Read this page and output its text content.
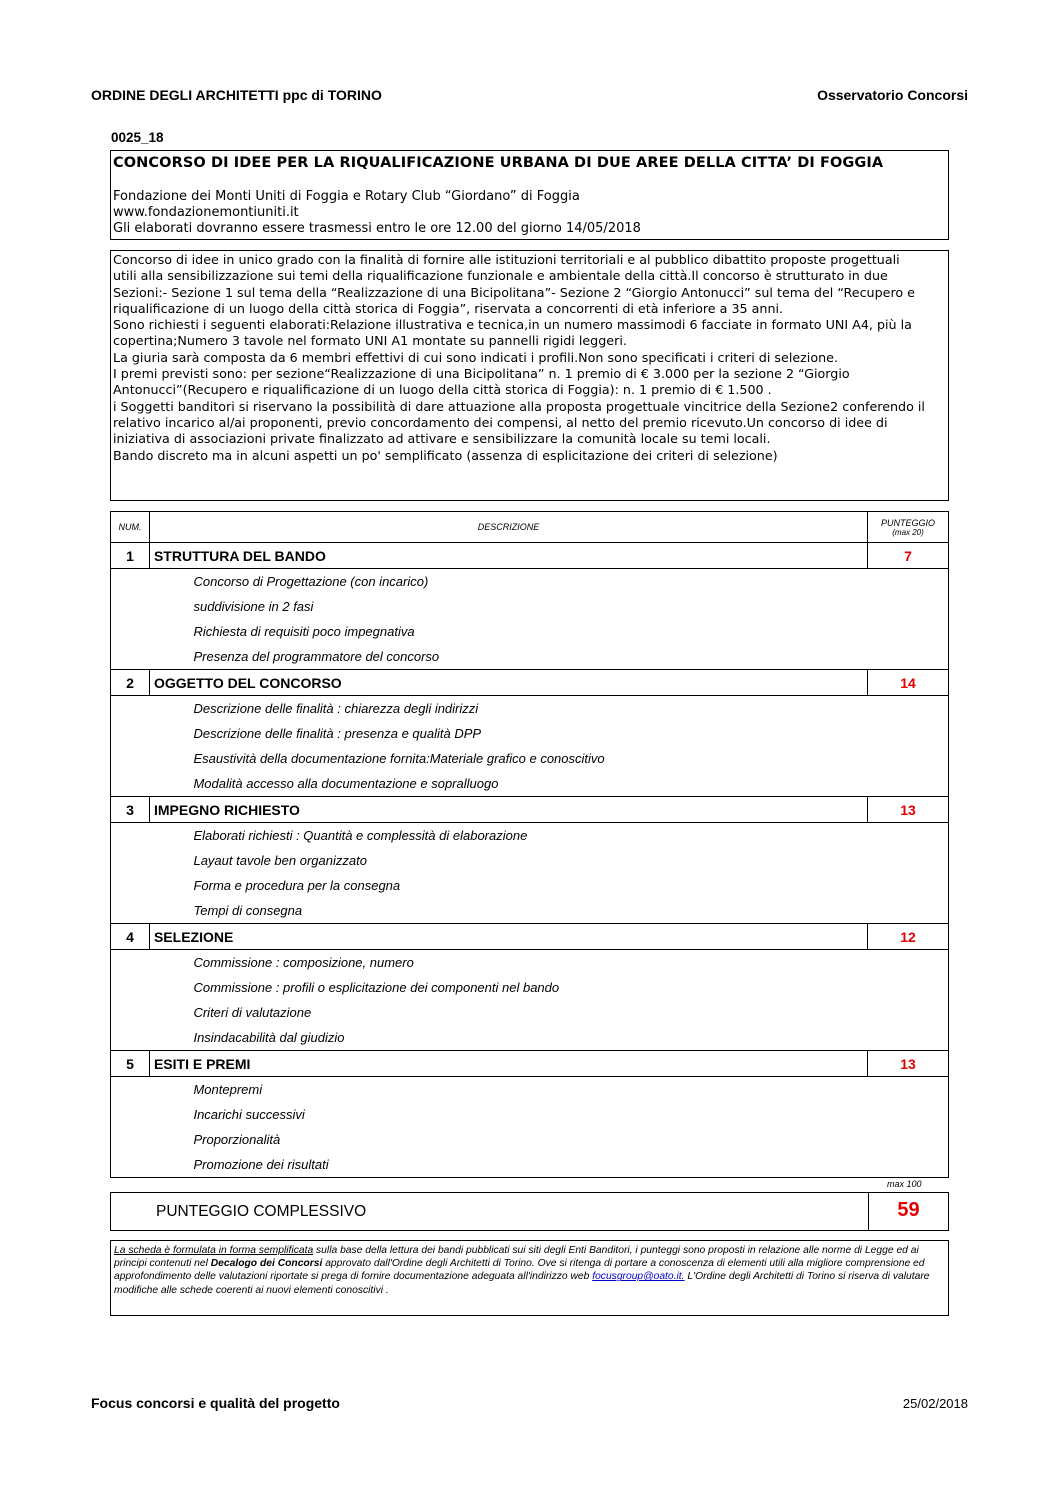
ORDINE DEGLI ARCHITETTI ppc di TORINO	Osservatorio Concorsi
0025_18
CONCORSO DI IDEE PER LA RIQUALIFICAZIONE URBANA DI DUE AREE DELLA CITTA’ DI FOGGIA
Fondazione dei Monti Uniti di Foggia e Rotary Club “Giordano” di Foggia
www.fondazionemontiuniti.it
Gli elaborati dovranno essere trasmessi entro le ore 12.00 del giorno 14/05/2018
Concorso di idee in unico grado con la finalità di fornire alle istituzioni territoriali e al pubblico dibattito proposte progettuali
utili alla sensibilizzazione sui temi della riqualificazione funzionale e ambientale della città.Il concorso è strutturato in due
Sezioni:- Sezione 1 sul tema della “Realizzazione di una Bicipolitana”- Sezione 2 “Giorgio Antonucci” sul tema del “Recupero e
riqualificazione di un luogo della città storica di Foggia”, riservata a concorrenti di età inferiore a 35 anni.
Sono richiesti i seguenti elaborati:Relazione illustrativa e tecnica,in un numero massimodi 6 facciate in formato UNI A4, più la
copertina;Numero 3 tavole nel formato UNI A1 montate su pannelli rigidi leggeri.
La giuria sarà composta da 6 membri effettivi di cui sono indicati i profili.Non sono specificati i criteri di selezione.
I premi previsti sono: per sezione“Realizzazione di una Bicipolitana” n. 1 premio di € 3.000 per la sezione 2 “Giorgio
Antonucci”(Recupero e riqualificazione di un luogo della città storica di Foggia): n. 1 premio di € 1.500 .
i Soggetti banditori si riservano la possibilità di dare attuazione alla proposta progettuale vincitrice della Sezione2 conferendo il
relativo incarico al/ai proponenti, previo concordamento dei compensi, al netto del premio ricevuto.Un concorso di idee di
iniziativa di associazioni private finalizzato ad attivare e sensibilizzare la comunità locale su temi locali.
Bando discreto ma in alcuni aspetti un po' semplificato (assenza di esplicitazione dei criteri di selezione)
NUM.	DESCRIZIONE	PUNTEGGIO
(max 20)

1	STRUTTURA DEL BANDO	7
	Concorso di Progettazione (con incarico)	
	suddivisione in 2 fasi	
	Richiesta di requisiti poco impegnativa	
	Presenza del programmatore del concorso	
2	OGGETTO DEL CONCORSO	14
	Descrizione delle finalità : chiarezza degli indirizzi	
	Descrizione delle finalità : presenza e qualità DPP	
	Esaustività della documentazione fornita:Materiale grafico e conoscitivo	
	Modalità accesso alla documentazione e sopralluogo	
3	IMPEGNO RICHIESTO	13
	Elaborati richiesti : Quantità e complessità di elaborazione	
	Layaut tavole ben organizzato	
	Forma e procedura per la consegna	
	Tempi di consegna	
4	SELEZIONE	12
	Commissione : composizione, numero	
	Commissione : profili o esplicitazione dei componenti nel bando	
	Criteri di valutazione	
	Insindacabilità dal giudizio	
5	ESITI E PREMI	13
	Montepremi	
	Incarichi successivi	
	Proporzionalità	
	Promozione dei risultati	
max 100
PUNTEGGIO COMPLESSIVO	59
La scheda è formulata in forma semplificata sulla base della lettura dei bandi pubblicati sui siti degli Enti Banditori, i punteggi sono proposti in relazione alle norme di Legge ed ai principi contenuti nel Decalogo dei Concorsi approvato dall'Ordine degli Architetti di Torino. Ove si ritenga di portare a conoscenza di elementi utili alla migliore comprensione ed approfondimento delle valutazioni riportate si prega di fornire documentazione adeguata all'indirizzo web focusgroup@oato.it. L'Ordine degli Architetti di Torino si riserva di valutare modifiche alle schede coerenti ai nuovi elementi conoscitivi .
Focus concorsi e qualità del progetto	25/02/2018
